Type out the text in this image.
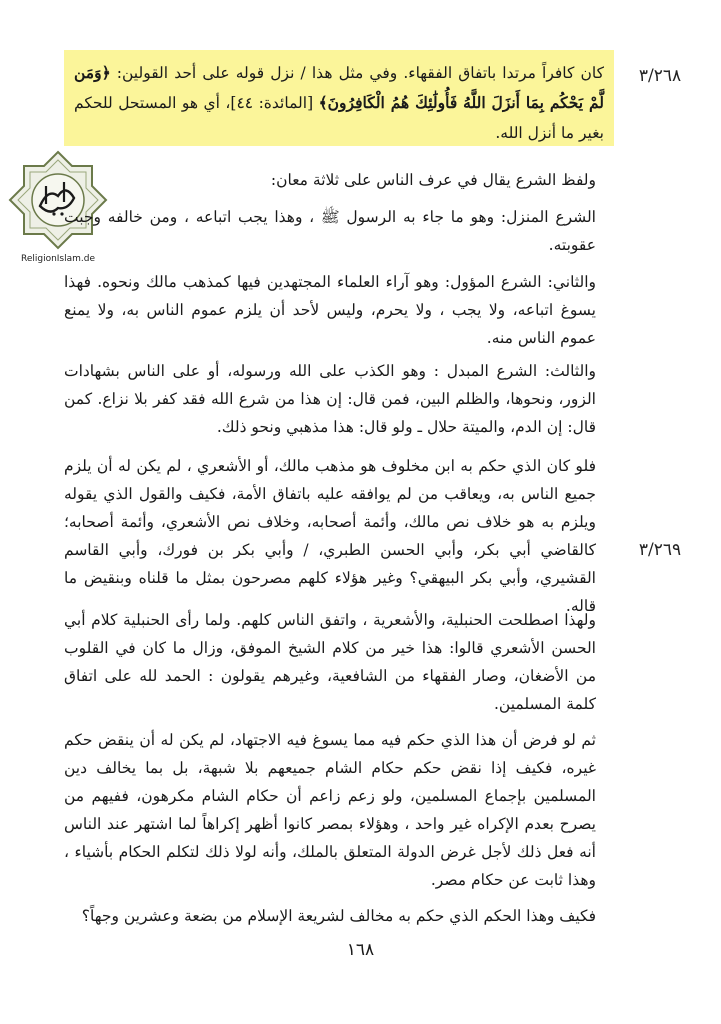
٣/٢٦٨
كان كافراً مرتدا باتفاق الفقهاء. وفي مثل هذا / نزل قوله على أحد القولين: ﴿وَمَن لَّمْ يَحْكُم بِمَا أَنزَلَ اللَّهُ فَأُولَٰئِكَ هُمُ الْكَافِرُونَ﴾ [المائدة: ٤٤]، أي هو المستحل للحكم بغير ما أنزل الله.
ReligionIslam.de

ولفظ الشرع يقال في عرف الناس على ثلاثة معان:

الشرع المنزل: وهو ما جاء به الرسول ﷺ ، وهذا يجب اتباعه ، ومن خالفه وجبت عقوبته.

والثاني: الشرع المؤول: وهو آراء العلماء المجتهدين فيها كمذهب مالك ونحوه. فهذا يسوغ اتباعه، ولا يجب ، ولا يحرم، وليس لأحد أن يلزم عموم الناس به، ولا يمنع عموم الناس منه.

والثالث: الشرع المبدل : وهو الكذب على الله ورسوله، أو على الناس بشهادات الزور، ونحوها، والظلم البين، فمن قال: إن هذا من شرع الله فقد كفر بلا نزاع. كمن قال: إن الدم، والميتة حلال ـ ولو قال: هذا مذهبي ونحو ذلك.

فلو كان الذي حكم به ابن مخلوف هو مذهب مالك، أو الأشعري ، لم يكن له أن يلزم جميع الناس به، ويعاقب من لم يوافقه عليه باتفاق الأمة، فكيف والقول الذي يقوله ويلزم به هو خلاف نص مالك، وأئمة أصحابه، وخلاف نص الأشعري، وأئمة أصحابه؛ كالقاضي أبي بكر، وأبي الحسن الطبري، / وأبي بكر بن فورك، وأبي القاسم القشيري، وأبي بكر البيهقي؟ وغير هؤلاء كلهم مصرحون بمثل ما قلناه وبنقيض ما قاله.

٣/٢٦٩

ولهذا اصطلحت الحنبلية، والأشعرية ، واتفق الناس كلهم. ولما رأى الحنبلية كلام أبي الحسن الأشعري قالوا: هذا خير من كلام الشيخ الموفق، وزال ما كان في القلوب من الأضغان، وصار الفقهاء من الشافعية، وغيرهم يقولون : الحمد لله على اتفاق كلمة المسلمين.

ثم لو فرض أن هذا الذي حكم فيه مما يسوغ فيه الاجتهاد، لم يكن له أن ينقض حكم غيره، فكيف إذا نقض حكم حكام الشام جميعهم بلا شبهة، بل بما يخالف دين المسلمين بإجماع المسلمين، ولو زعم زاعم أن حكام الشام مكرهون، ففيهم من يصرح بعدم الإكراه غير واحد ، وهؤلاء بمصر كانوا أظهر إكراهاً لما اشتهر عند الناس أنه فعل ذلك لأجل غرض الدولة المتعلق بالملك، وأنه لولا ذلك لتكلم الحكام بأشياء ، وهذا ثابت عن حكام مصر.

فكيف وهذا الحكم الذي حكم به مخالف لشريعة الإسلام من بضعة وعشرين وجهاً؟

١٦٨
